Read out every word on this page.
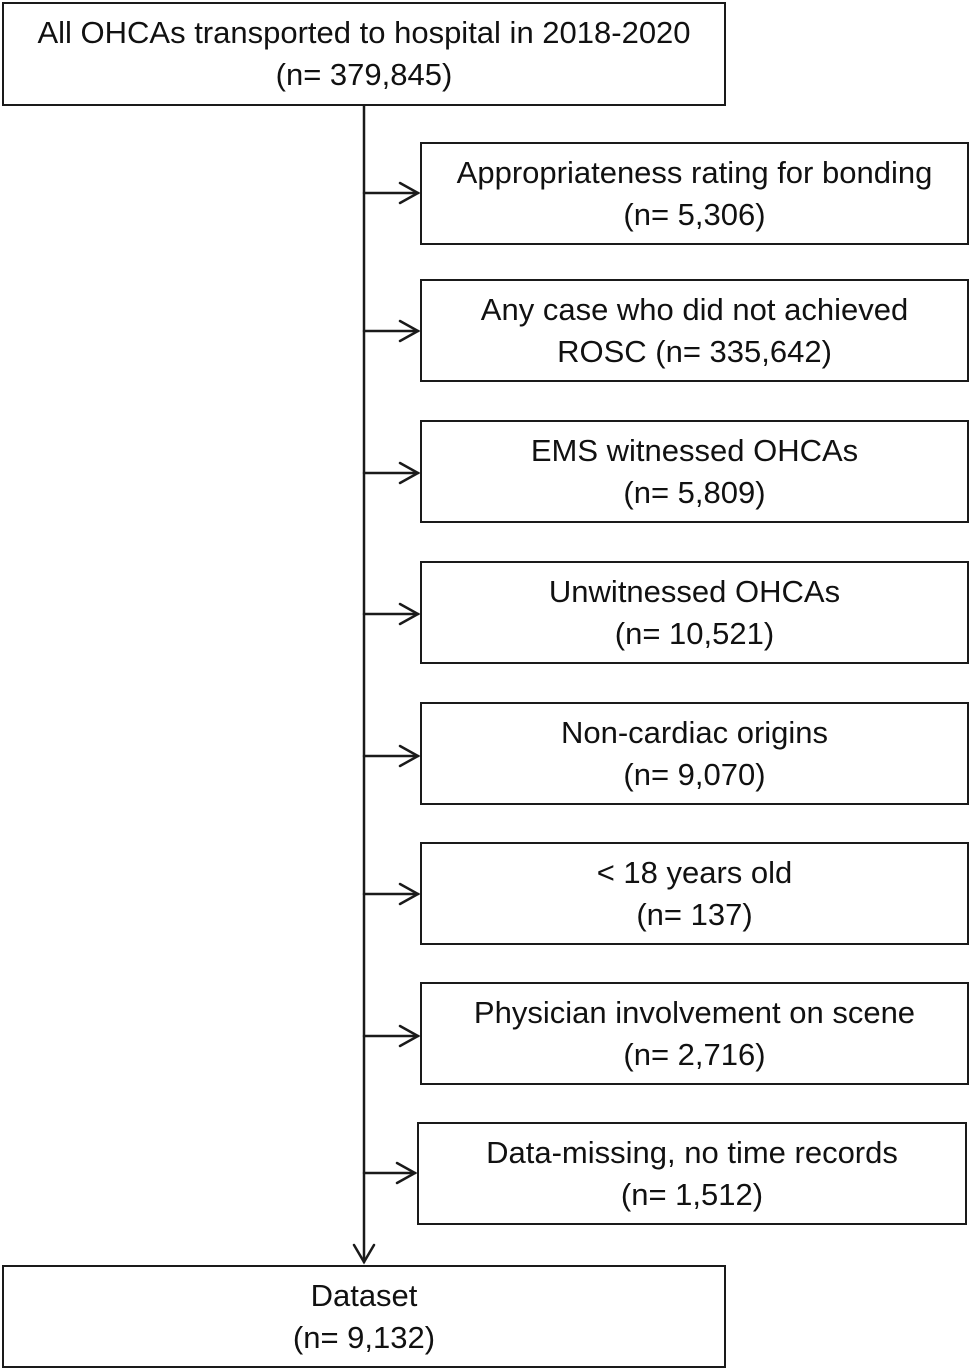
All OHCAs transported to hospital in 2018-2020
(n= 379,845)
Appropriateness rating for bonding
(n= 5,306)
Any case who did not achieved
ROSC (n= 335,642)
EMS witnessed OHCAs
(n= 5,809)
Unwitnessed OHCAs
(n= 10,521)
Non-cardiac origins
(n= 9,070)
< 18 years old
(n= 137)
Physician involvement on scene
(n= 2,716)
Data-missing, no time records
(n= 1,512)
Dataset
(n= 9,132)
